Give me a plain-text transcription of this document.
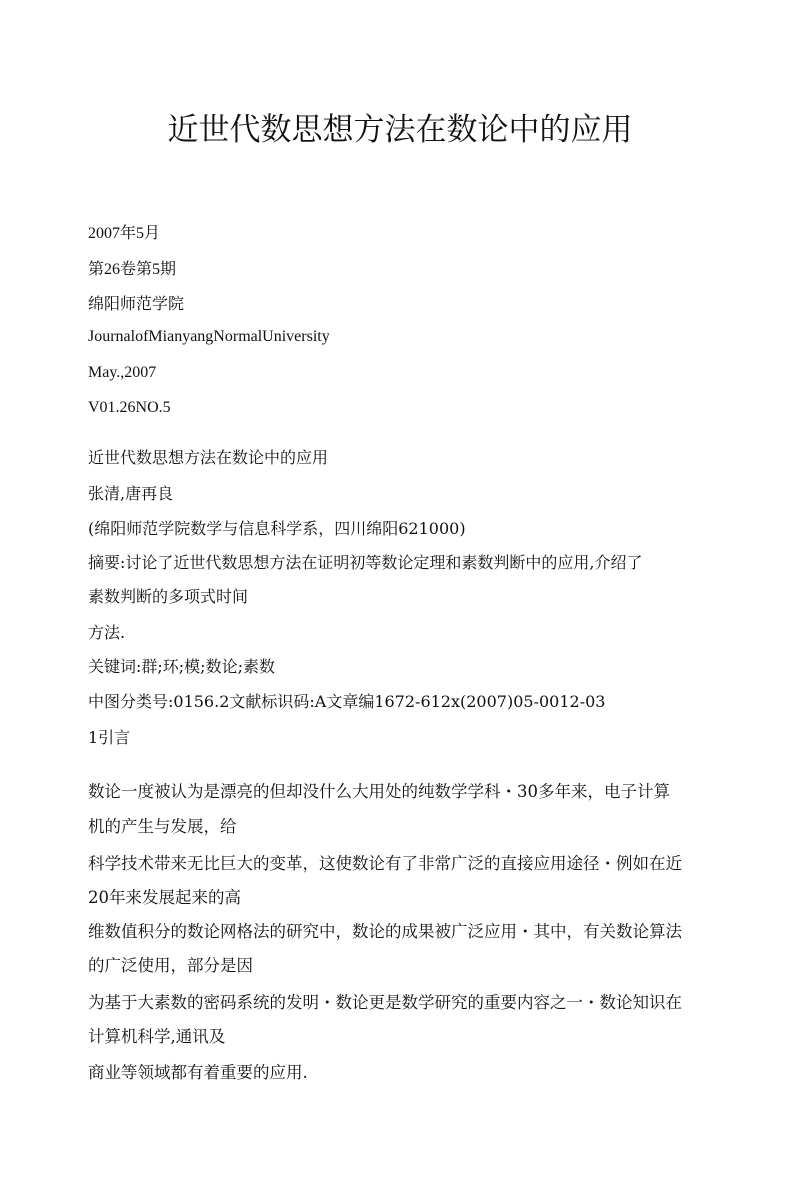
近世代数思想方法在数论中的应用

2007年5月

第26卷第5期

绵阳师范学院

JournalofMianyangNormalUniversity

May.,2007

V01.26NO.5

近世代数思想方法在数论中的应用

张清,唐再良

(绵阳师范学院数学与信息科学系，四川绵阳621000)

摘要:讨论了近世代数思想方法在证明初等数论定理和素数判断中的应用,介绍了

素数判断的多项式时间

方法.

关键词:群;环;模;数论;素数

中图分类号:0156.2文献标识码:A文章编1672-612x(2007)05-0012-03

1引言

数论一度被认为是漂亮的但却没什么大用处的纯数学学科・30多年来，电子计算

机的产生与发展，给

科学技术带来无比巨大的变革，这使数论有了非常广泛的直接应用途径・例如在近

20年来发展起来的高

维数值积分的数论网格法的研究中，数论的成果被广泛应用・其中，有关数论算法

的广泛使用，部分是因

为基于大素数的密码系统的发明・数论更是数学研究的重要内容之一・数论知识在

计算机科学,通讯及

商业等领域都有着重要的应用.
